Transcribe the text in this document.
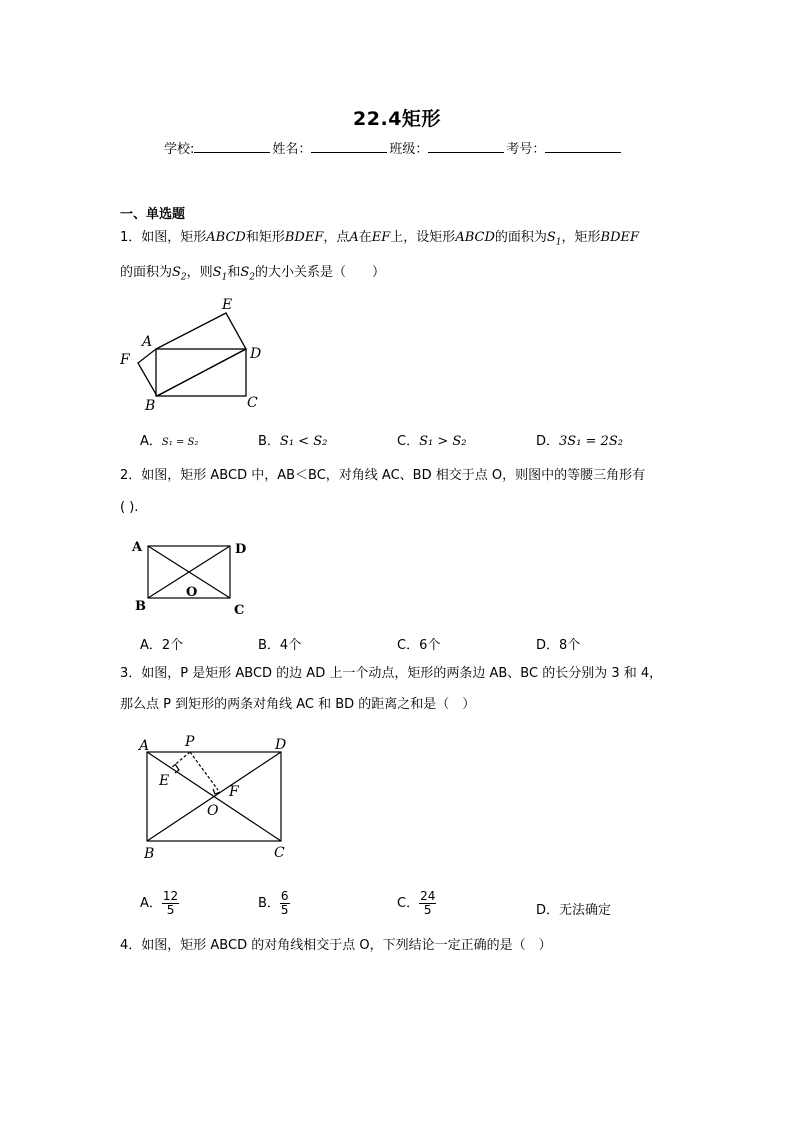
22.4矩形
学校:	姓名：	班级：	考号：
一、单选题
1．如图，矩形ABCD和矩形BDEF，点A在EF上，设矩形ABCD的面积为$S_1$，矩形BDEF
的面积为$S_2$，则$S_1$和$S_2$的大小关系是（　　）
E
A
F	D
B	C
A．S₁ = S₂	B．S₁ < S₂	C．S₁ > S₂	D．3S₁ = 2S₂
2．如图，矩形 ABCD 中，AB＜BC，对角线 AC、BD 相交于点 O，则图中的等腰三角形有
( ).
A	D
B
O
C
A．2个	B．4个	C．6个	D．8个
3．如图，P 是矩形 ABCD 的边 AD 上一个动点，矩形的两条边 AB、BC 的长分别为 3 和 4，
那么点 P 到矩形的两条对角线 AC 和 BD 的距离之和是（　）
A	P	D
E
F
O
B	C
A． $\frac{12}{5}$	B． $\frac{6}{5}$	C． $\frac{24}{5}$	D．无法确定
4．如图，矩形 ABCD 的对角线相交于点 O，下列结论一定正确的是（　）
